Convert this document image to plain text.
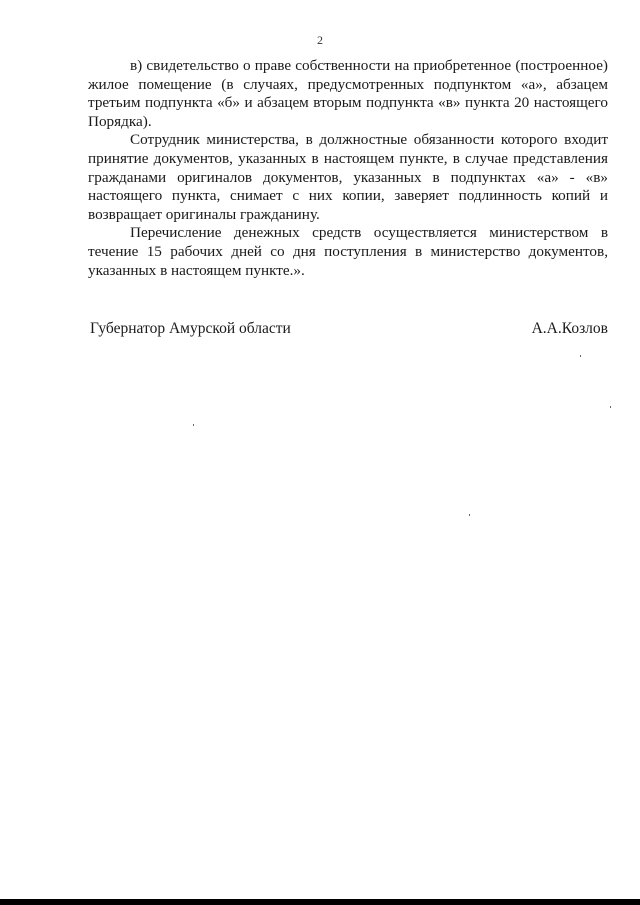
2

в) свидетельство о праве собственности на приобретенное (построенное) жилое помещение (в случаях, предусмотренных подпунктом «а», абзацем третьим подпункта «б» и абзацем вторым подпункта «в» пункта 20 настоящего Порядка).

Сотрудник министерства, в должностные обязанности которого входит принятие документов, указанных в настоящем пункте, в случае представления гражданами оригиналов документов, указанных в подпунктах «а» - «в» настоящего пункта, снимает с них копии, заверяет подлинность копий и возвращает оригиналы гражданину.

Перечисление денежных средств осуществляется министерством в течение 15 рабочих дней со дня поступления в министерство документов, указанных в настоящем пункте.».

Губернатор Амурской области	А.А.Козлов
